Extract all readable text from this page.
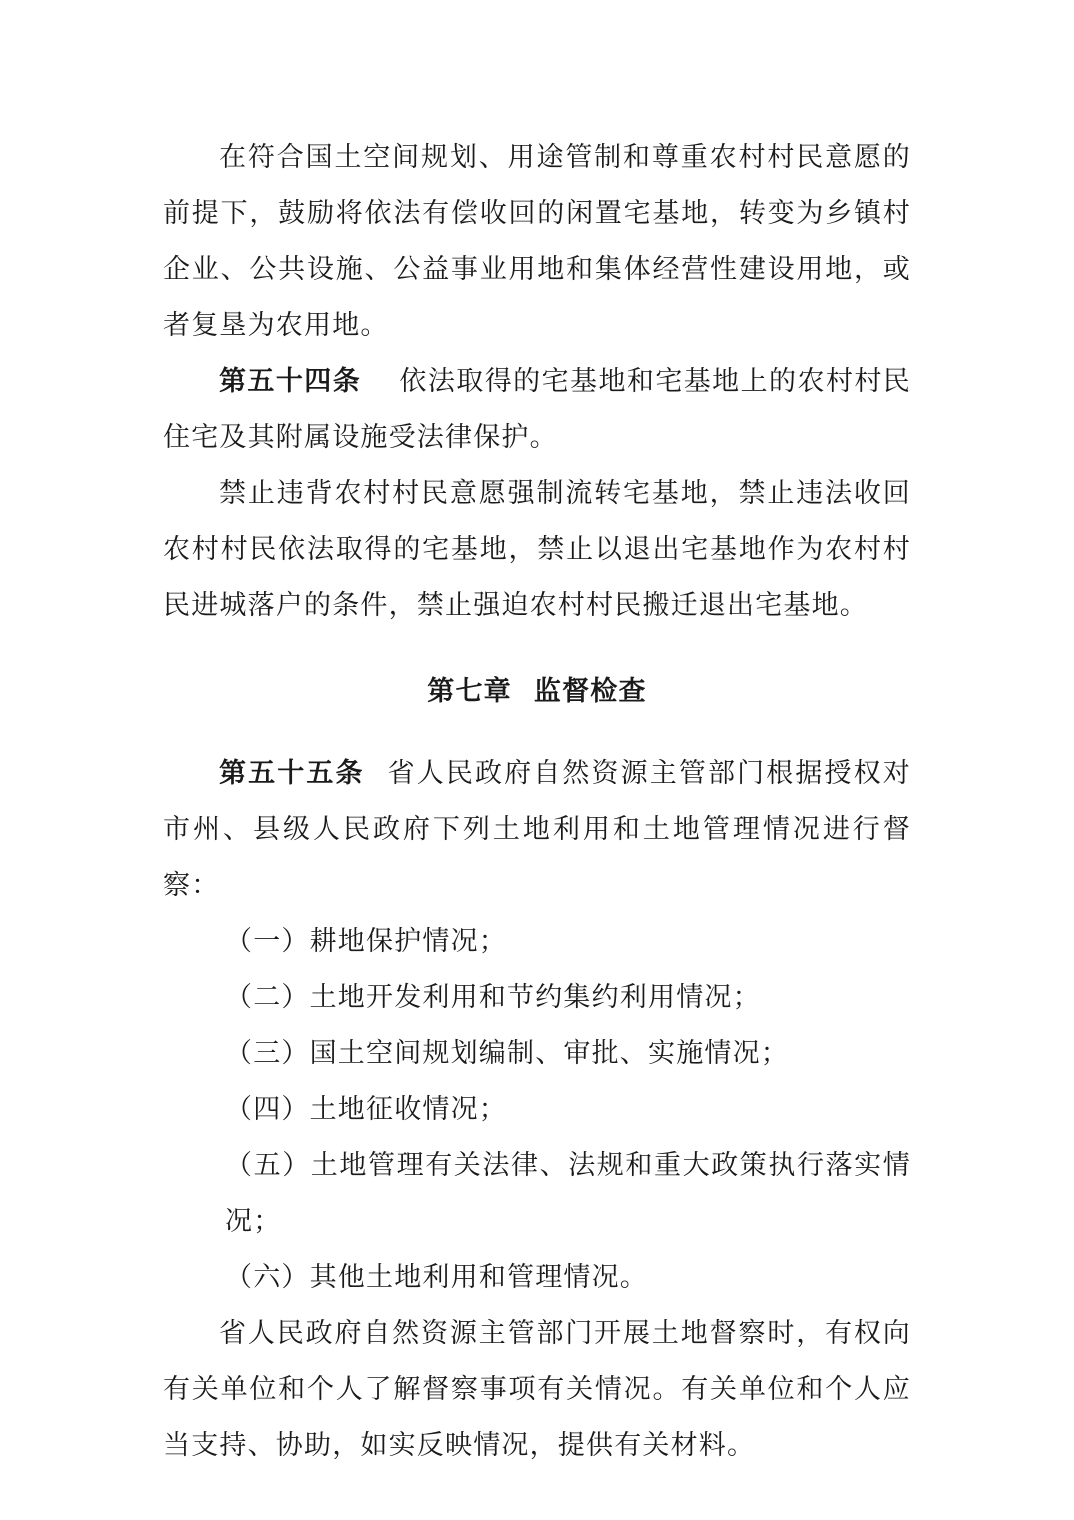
在符合国土空间规划、用途管制和尊重农村村民意愿的前提下，鼓励将依法有偿收回的闲置宅基地，转变为乡镇村企业、公共设施、公益事业用地和集体经营性建设用地，或者复垦为农用地。

第五十四条 依法取得的宅基地和宅基地上的农村村民住宅及其附属设施受法律保护。

禁止违背农村村民意愿强制流转宅基地，禁止违法收回农村村民依法取得的宅基地，禁止以退出宅基地作为农村村民进城落户的条件，禁止强迫农村村民搬迁退出宅基地。

第七章 监督检查

第五十五条 省人民政府自然资源主管部门根据授权对市州、县级人民政府下列土地利用和土地管理情况进行督察：

（一）耕地保护情况；

（二）土地开发利用和节约集约利用情况；

（三）国土空间规划编制、审批、实施情况；

（四）土地征收情况；

（五）土地管理有关法律、法规和重大政策执行落实情况；

（六）其他土地利用和管理情况。

省人民政府自然资源主管部门开展土地督察时，有权向有关单位和个人了解督察事项有关情况。有关单位和个人应当支持、协助，如实反映情况，提供有关材料。
